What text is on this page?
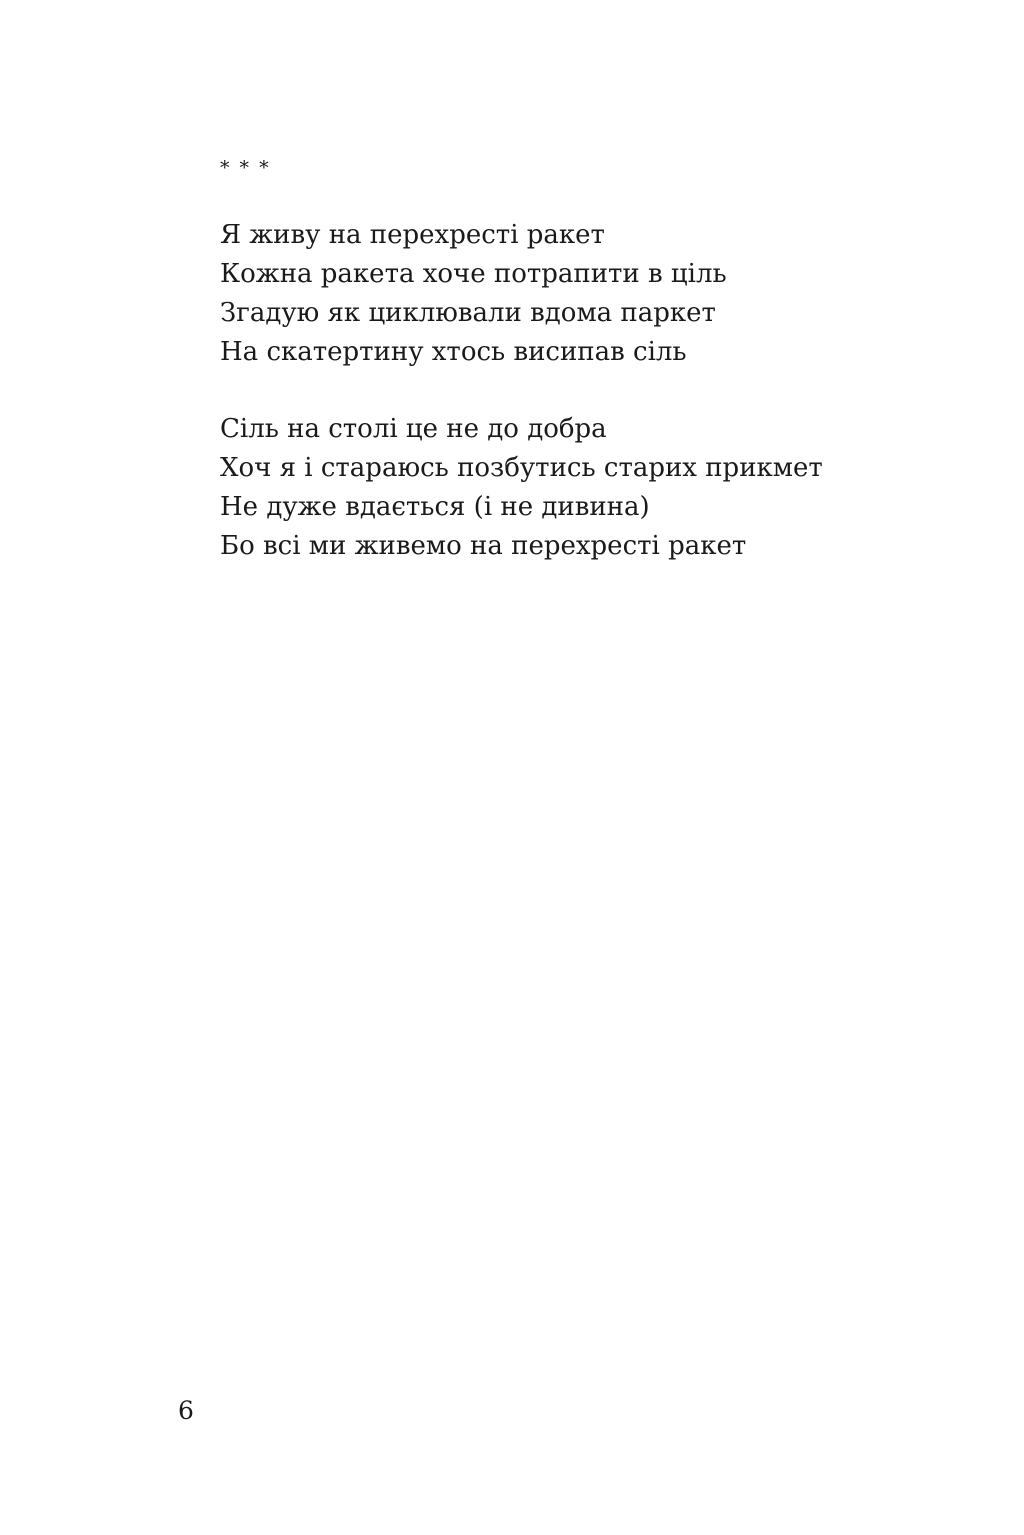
* * *
Я живу на перехресті ракет
Кожна ракета хоче потрапити в ціль
Згадую як циклювали вдома паркет
На скатертину хтось висипав сіль
Сіль на столі це не до добра
Хоч я і стараюсь позбутись старих прикмет
Не дуже вдається (і не дивина)
Бо всі ми живемо на перехресті ракет
6
